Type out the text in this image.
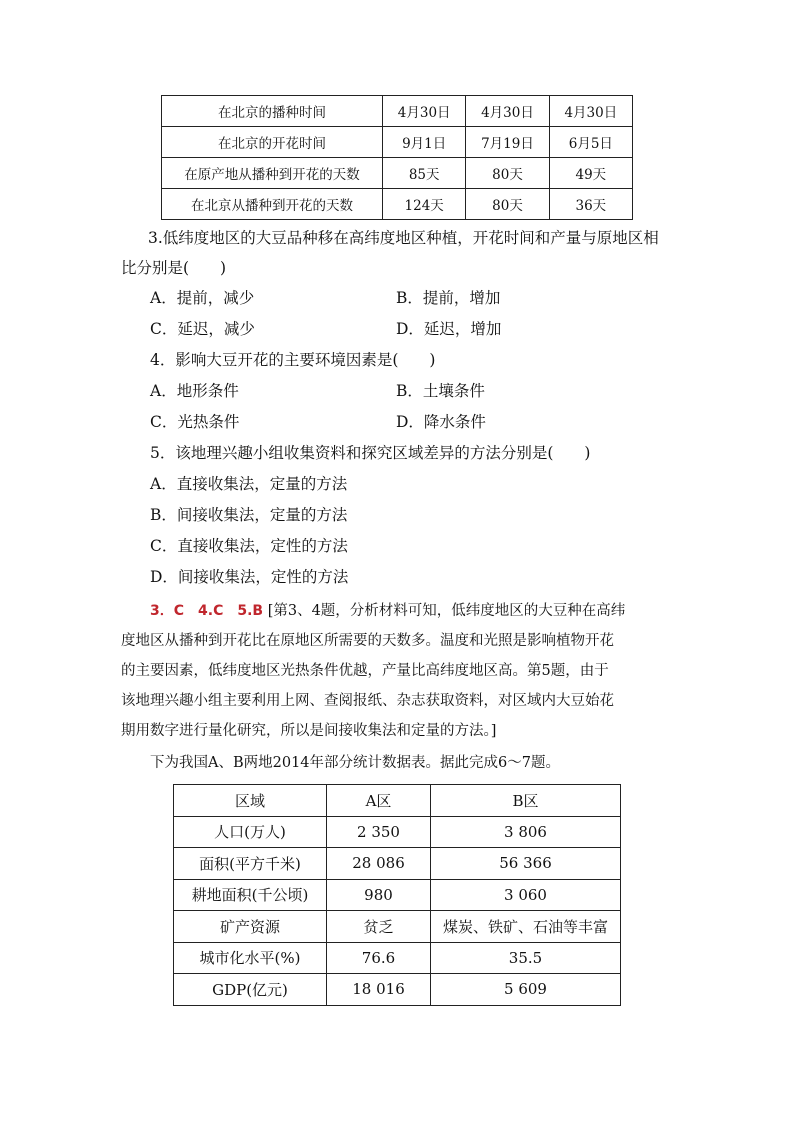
在北京的播种时间	4月30日	4月30日	4月30日
在北京的开花时间	9月1日	7月19日	6月5日
在原产地从播种到开花的天数	85天	80天	49天
在北京从播种到开花的天数	124天	80天	36天
3.低纬度地区的大豆品种移在高纬度地区种植，开花时间和产量与原地区相
比分别是(　　)
A．提前，减少	B．提前，增加
C．延迟，减少	D．延迟，增加
4．影响大豆开花的主要环境因素是(　　)
A．地形条件	B．土壤条件
C．光热条件	D．降水条件
5．该地理兴趣小组收集资料和探究区域差异的方法分别是(　　)
A．直接收集法，定量的方法
B．间接收集法，定量的方法
C．直接收集法，定性的方法
D．间接收集法，定性的方法
3．C　4.C　5.B [第3、4题，分析材料可知，低纬度地区的大豆种在高纬
度地区从播种到开花比在原地区所需要的天数多。温度和光照是影响植物开花
的主要因素，低纬度地区光热条件优越，产量比高纬度地区高。第5题，由于
该地理兴趣小组主要利用上网、查阅报纸、杂志获取资料，对区域内大豆始花
期用数字进行量化研究，所以是间接收集法和定量的方法。]
下为我国A、B两地2014年部分统计数据表。据此完成6～7题。
区域	A区	B区
人口(万人)	2 350	3 806
面积(平方千米)	28 086	56 366
耕地面积(千公顷)	980	3 060
矿产资源	贫乏	煤炭、铁矿、石油等丰富
城市化水平(%)	76.6	35.5
GDP(亿元)	18 016	5 609
